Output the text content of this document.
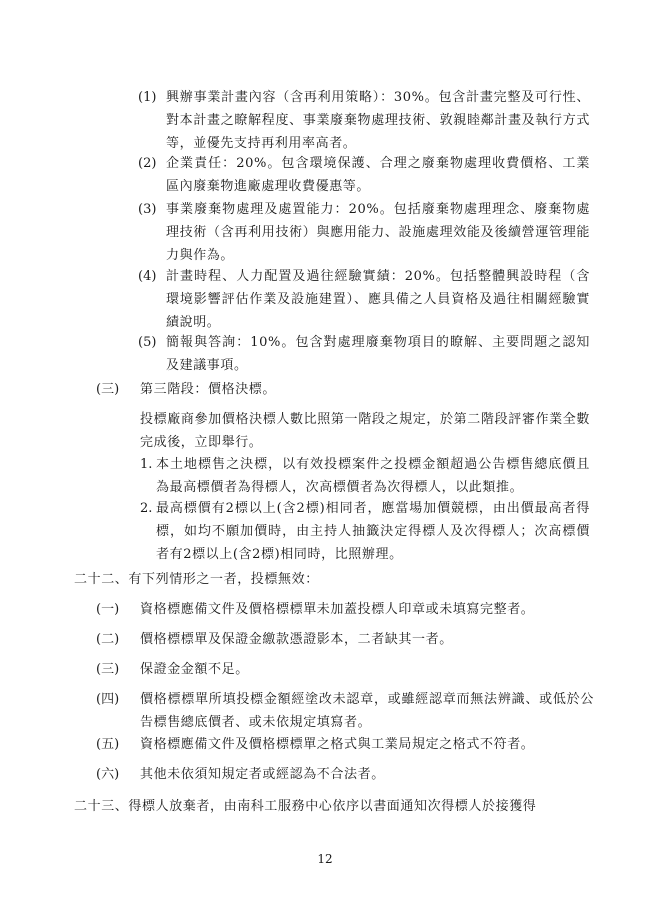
(1) 興辦事業計畫內容（含再利用策略）：30%。包含計畫完整及可行性、對本計畫之瞭解程度、事業廢棄物處理技術、敦親睦鄰計畫及執行方式等，並優先支持再利用率高者。
(2) 企業責任：20%。包含環境保護、合理之廢棄物處理收費價格、工業區內廢棄物進廠處理收費優惠等。
(3) 事業廢棄物處理及處置能力：20%。包括廢棄物處理理念、廢棄物處理技術（含再利用技術）與應用能力、設施處理效能及後續營運管理能力與作為。
(4) 計畫時程、人力配置及過往經驗實績：20%。包括整體興設時程（含環境影響評估作業及設施建置）、應具備之人員資格及過往相關經驗實績說明。
(5) 簡報與答詢：10%。包含對處理廢棄物項目的瞭解、主要問題之認知及建議事項。
(三)	第三階段：價格決標。
投標廠商參加價格決標人數比照第一階段之規定，於第二階段評審作業全數完成後，立即舉行。
1. 本土地標售之決標，以有效投標案件之投標金額超過公告標售總底價且為最高標價者為得標人，次高標價者為次得標人，以此類推。
2. 最高標價有2標以上(含2標)相同者，應當場加價競標，由出價最高者得標，如均不願加價時，由主持人抽籤決定得標人及次得標人；次高標價者有2標以上(含2標)相同時，比照辦理。
二十二、有下列情形之一者，投標無效：
(一)	資格標應備文件及價格標標單未加蓋投標人印章或未填寫完整者。
(二)	價格標標單及保證金繳款憑證影本，二者缺其一者。
(三)	保證金金額不足。
(四)	價格標標單所填投標金額經塗改未認章，或雖經認章而無法辨識、或低於公告標售總底價者、或未依規定填寫者。
(五)	資格標應備文件及價格標標單之格式與工業局規定之格式不符者。
(六)	其他未依須知規定者或經認為不合法者。
二十三、得標人放棄者，由南科工服務中心依序以書面通知次得標人於接獲得
12
